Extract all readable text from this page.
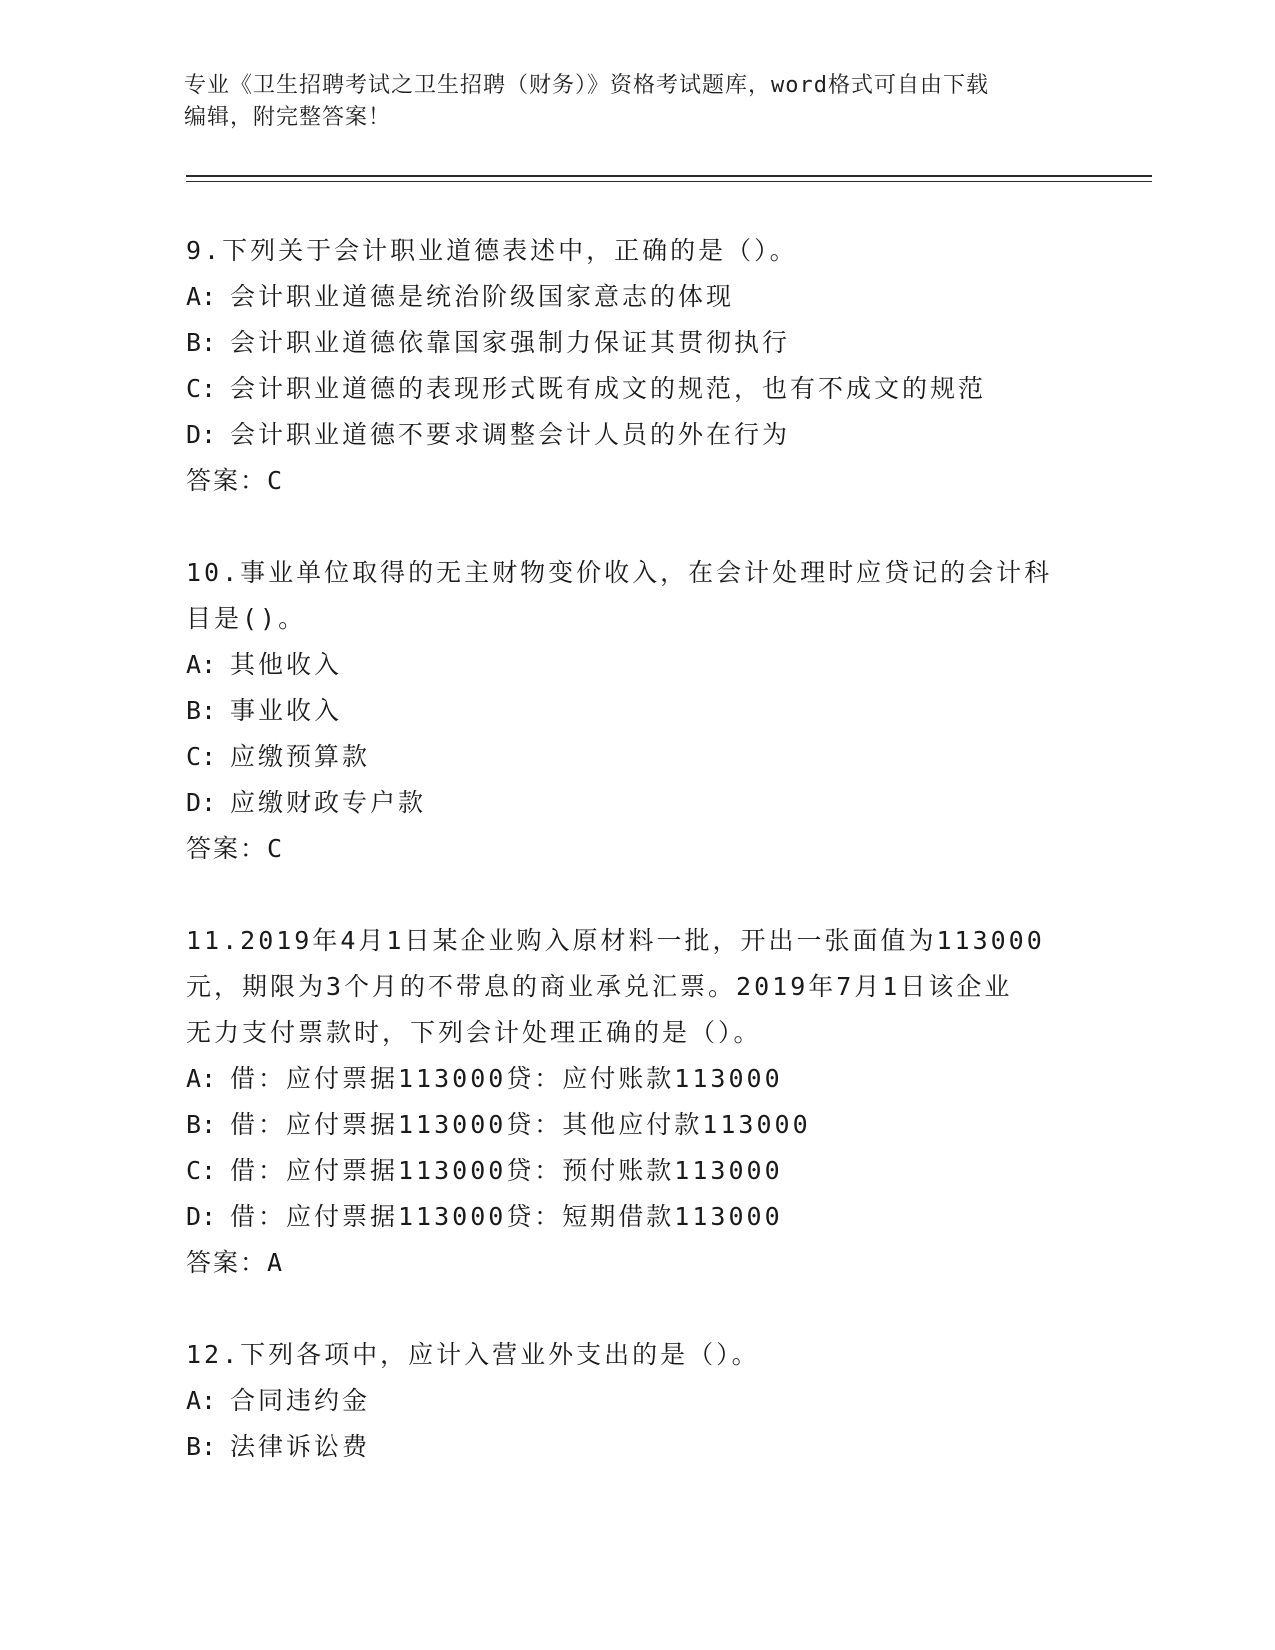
专业《卫生招聘考试之卫生招聘（财务）》资格考试题库，word格式可自由下载
编辑，附完整答案！

9.下列关于会计职业道德表述中，正确的是（）。

A: 会计职业道德是统治阶级国家意志的体现

B: 会计职业道德依靠国家强制力保证其贯彻执行

C: 会计职业道德的表现形式既有成文的规范，也有不成文的规范

D: 会计职业道德不要求调整会计人员的外在行为

答案：C

10.事业单位取得的无主财物变价收入，在会计处理时应贷记的会计科

目是()。

A: 其他收入

B: 事业收入

C: 应缴预算款

D: 应缴财政专户款

答案：C

11.2019年4月1日某企业购入原材料一批，开出一张面值为113000

元，期限为3个月的不带息的商业承兑汇票。2019年7月1日该企业

无力支付票款时，下列会计处理正确的是（）。

A: 借：应付票据113000贷：应付账款113000

B: 借：应付票据113000贷：其他应付款113000

C: 借：应付票据113000贷：预付账款113000

D: 借：应付票据113000贷：短期借款113000

答案：A

12.下列各项中，应计入营业外支出的是（）。

A: 合同违约金

B: 法律诉讼费
